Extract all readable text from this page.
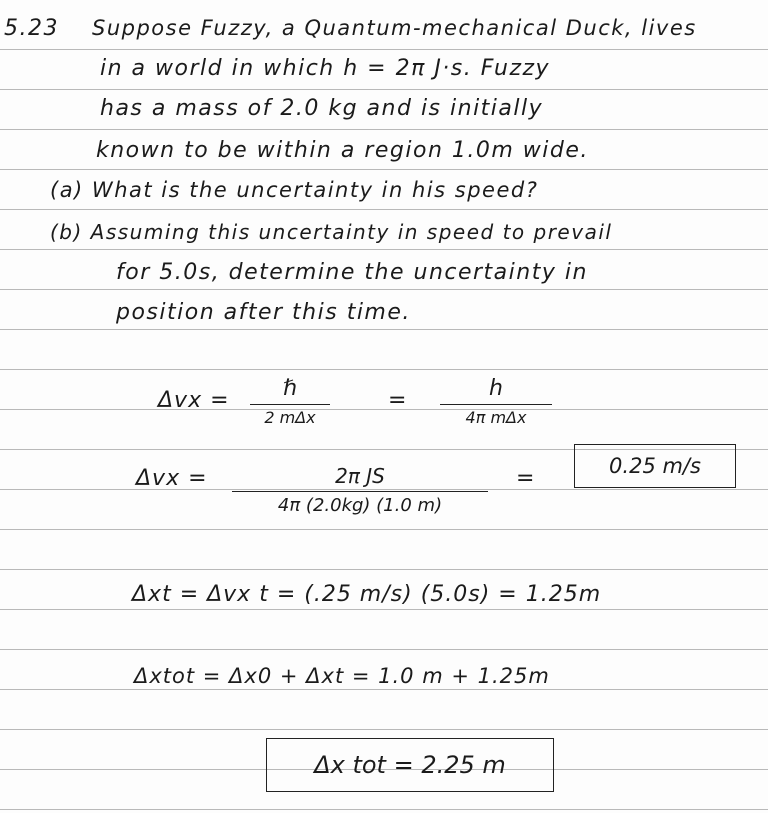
5.23 Suppose Fuzzy, a Quantum-mechanical Duck, lives
in a world in which h = 2π J·s. Fuzzy
has a mass of 2.0 kg and is initially
known to be within a region 1.0m wide.
(a) What is the uncertainty in his speed?
(b) Assuming this uncertainty in speed to prevail
for 5.0s, determine the uncertainty in
position after this time.
Δvx =	ℏ
2 mΔx
=	h
4π mΔx
Δvx =	2π JS
4π (2.0kg) (1.0 m)
=	0.25 m/s
Δxt = Δvx t = (.25 m/s) (5.0s) = 1.25m
Δxtot = Δx0 + Δxt = 1.0 m + 1.25m
Δx tot = 2.25 m
